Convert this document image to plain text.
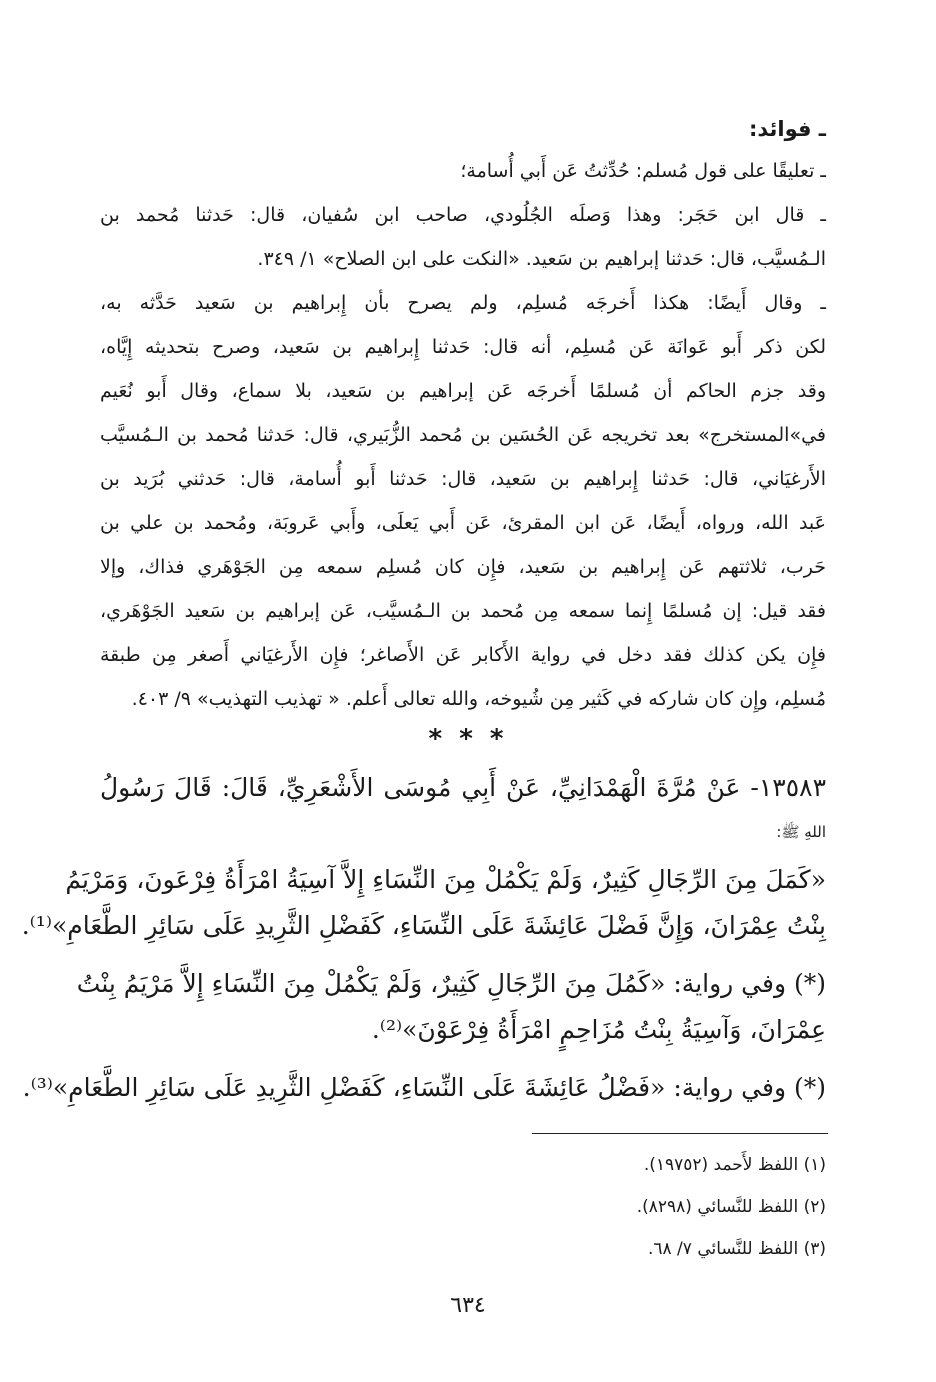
ـ فوائد:
ـ تعليقًا على قول مُسلم: حُدِّثتُ عَن أَبي أُسامة؛
ـ قال ابن حَجَر: وهذا وَصلَه الجُلُودي، صاحب ابن سُفيان، قال: حَدثنا مُحمد بن
الـمُسيَّب، قال: حَدثنا إبراهيم بن سَعيد. «النكت على ابن الصلاح» ١/ ٣٤٩.
ـ وقال أَيضًا: هكذا أَخرجَه مُسلِم، ولم يصرح بأن إِبراهيم بن سَعيد حَدَّثه به،
لكن ذكر أَبو عَوانَة عَن مُسلِم، أنه قال: حَدثنا إِبراهيم بن سَعيد، وصرح بتحديثه إِيَّاه،
وقد جزم الحاكم أن مُسلمًا أَخرجَه عَن إبراهيم بن سَعيد، بلا سماع، وقال أَبو نُعَيم
في»المستخرج» بعد تخريجه عَن الحُسَين بن مُحمد الزُّبَيري، قال: حَدثنا مُحمد بن الـمُسيَّب
الأَرغيَاني، قال: حَدثنا إِبراهيم بن سَعيد، قال: حَدثنا أَبو أُسامة، قال: حَدثني بُرَيد بن
عَبد الله، ورواه، أَيضًا، عَن ابن المقرئ، عَن أَبي يَعلَى، وأَبي عَروبَة، ومُحمد بن علي بن
حَرب، ثلاثتهم عَن إِبراهيم بن سَعيد، فإِن كان مُسلِم سمعه مِن الجَوْهَري فذاك، وإلا
فقد قيل: إن مُسلمًا إِنما سمعه مِن مُحمد بن الـمُسيَّب، عَن إبراهيم بن سَعيد الجَوْهَري،
فإِن يكن كذلك فقد دخل في رواية الأَكابر عَن الأَصاغر؛ فإِن الأَرغيَاني أَصغر مِن طبقة
مُسلِم، وإِن كان شاركه في كَثير مِن شُيوخه، والله تعالى أَعلم. « تهذيب التهذيب» ٩/ ٤٠٣.
* * *
١٣٥٨٣- عَنْ مُرَّةَ الْهَمْدَانِيِّ، عَنْ أَبِي مُوسَى الأَشْعَرِيِّ، قَالَ: قَالَ رَسُولُ
اللهِ ﷺ:
«كَمَلَ مِنَ الرِّجَالِ كَثِيرٌ، وَلَمْ يَكْمُلْ مِنَ النِّسَاءِ إِلاَّ آسِيَةُ امْرَأَةُ فِرْعَونَ، وَمَرْيَمُ
بِنْتُ عِمْرَانَ، وَإِنَّ فَضْلَ عَائِشَةَ عَلَى النِّسَاءِ، كَفَضْلِ الثَّرِيدِ عَلَى سَائِرِ الطَّعَامِ»⁽¹⁾.
(*) وفي رواية: «كَمُلَ مِنَ الرِّجَالِ كَثِيرٌ، وَلَمْ يَكْمُلْ مِنَ النِّسَاءِ إِلاَّ مَرْيَمُ بِنْتُ
عِمْرَانَ، وَآسِيَةُ بِنْتُ مُزَاحِمٍ امْرَأَةُ فِرْعَوْنَ»⁽²⁾.
(*) وفي رواية: «فَضْلُ عَائِشَةَ عَلَى النِّسَاءِ، كَفَضْلِ الثَّرِيدِ عَلَى سَائِرِ الطَّعَامِ»⁽³⁾.
(١) اللفظ لأَحمد (١٩٧٥٢).
(٢) اللفظ للنَّسائي (٨٢٩٨).
(٣) اللفظ للنَّسائي ٧/ ٦٨.
٦٣٤
